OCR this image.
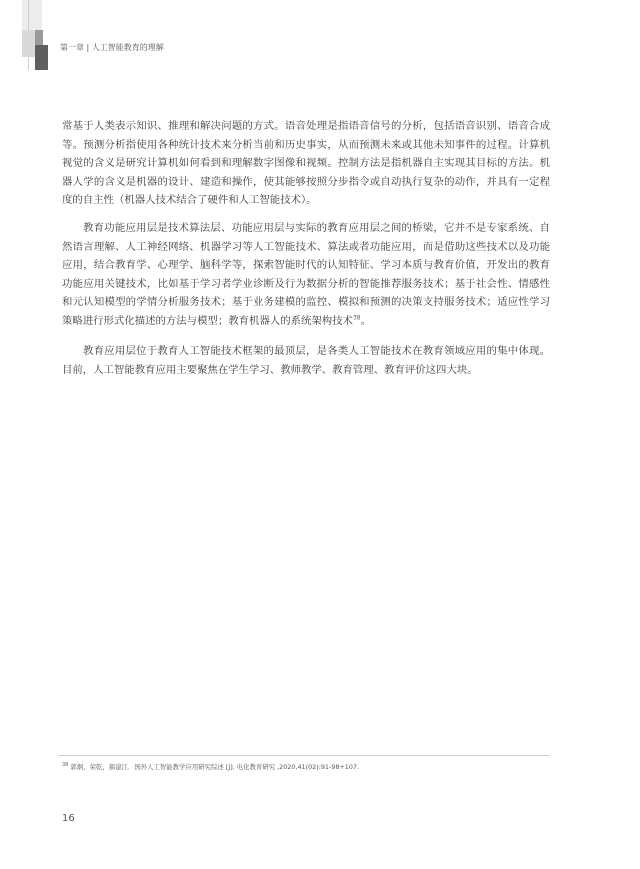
第一章 | 人工智能教育的理解

常基于人类表示知识、推理和解决问题的方式。语音处理是指语音信号的分析，包括语音识别、语音合成等。预测分析指使用各种统计技术来分析当前和历史事实，从而预测未来或其他未知事件的过程。计算机视觉的含义是研究计算机如何看到和理解数字图像和视频。控制方法是指机器自主实现其目标的方法。机器人学的含义是机器的设计、建造和操作，使其能够按照分步指令或自动执行复杂的动作，并具有一定程度的自主性（机器人技术结合了硬件和人工智能技术）。

教育功能应用层是技术算法层、功能应用层与实际的教育应用层之间的桥梁，它并不是专家系统、自然语言理解、人工神经网络、机器学习等人工智能技术、算法或者功能应用，而是借助这些技术以及功能应用，结合教育学、心理学、脑科学等，探索智能时代的认知特征、学习本质与教育价值，开发出的教育功能应用关键技术，比如基于学习者学业诊断及行为数据分析的智能推荐服务技术；基于社会性、情感性和元认知模型的学情分析服务技术；基于业务建模的监控、模拟和预测的决策支持服务技术；适应性学习策略进行形式化描述的方法与模型；教育机器人的系统架构技术$^{38}$。

教育应用层位于教育人工智能技术框架的最顶层，是各类人工智能技术在教育领域应用的集中体现。目前，人工智能教育应用主要聚焦在学生学习、教师教学、教育管理、教育评价这四大块。

$^{38}$ 郭炯，荣乾，郝建江．国外人工智能教学应用研究综述 [J]. 电化教育研究 ,2020,41(02):91-98+107.
16
